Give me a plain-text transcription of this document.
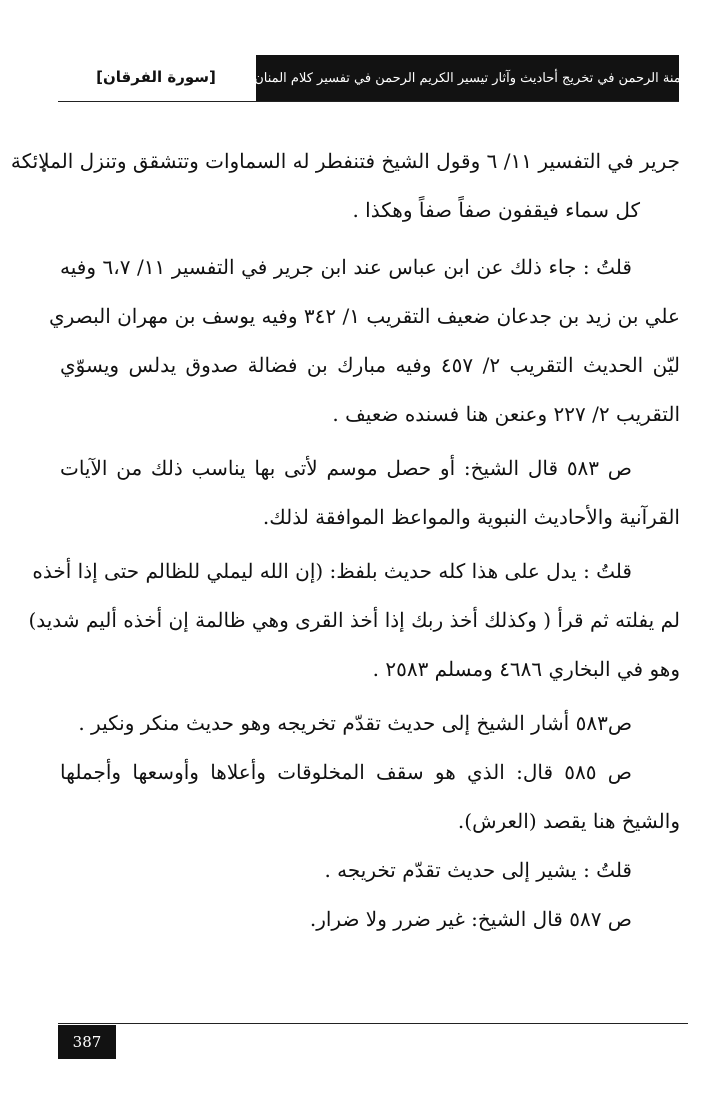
منة الرحمن في تخريج أحاديث وآثار تيسير الكريم الرحمن في تفسير كلام المنان
[سورة الفرقان]
جرير في التفسير ١١/ ٦ وقول الشيخ فتنفطر له السماوات وتتشقق وتنزل الملائكة
كل سماء فيقفون صفاً صفاً وهكذا .
قلتُ : جاء ذلك عن ابن عباس عند ابن جرير في التفسير ١١/ ٦،٧ وفيه
علي بن زيد بن جدعان ضعيف التقريب ١/ ٣٤٢ وفيه يوسف بن مهران البصري
ليّن الحديث التقريب ٢/ ٤٥٧ وفيه مبارك بن فضالة صدوق يدلس ويسوّي
التقريب ٢/ ٢٢٧ وعنعن هنا فسنده ضعيف .
ص ٥٨٣ قال الشيخ: أو حصل موسم لأتى بها يناسب ذلك من الآيات
القرآنية والأحاديث النبوية والمواعظ الموافقة لذلك.
قلتُ : يدل على هذا كله حديث بلفظ: (إن الله ليملي للظالم حتى إذا أخذه
لم يفلته ثم قرأ ( وكذلك أخذ ربك إذا أخذ القرى وهي ظالمة إن أخذه أليم شديد)
وهو في البخاري ٤٦٨٦ ومسلم ٢٥٨٣ .
ص٥٨٣ أشار الشيخ إلى حديث تقدّم تخريجه وهو حديث منكر ونكير .
ص ٥٨٥ قال: الذي هو سقف المخلوقات وأعلاها وأوسعها وأجملها
والشيخ هنا يقصد (العرش).
قلتُ : يشير إلى حديث تقدّم تخريجه .
ص ٥٨٧ قال الشيخ: غير ضرر ولا ضرار.
387
